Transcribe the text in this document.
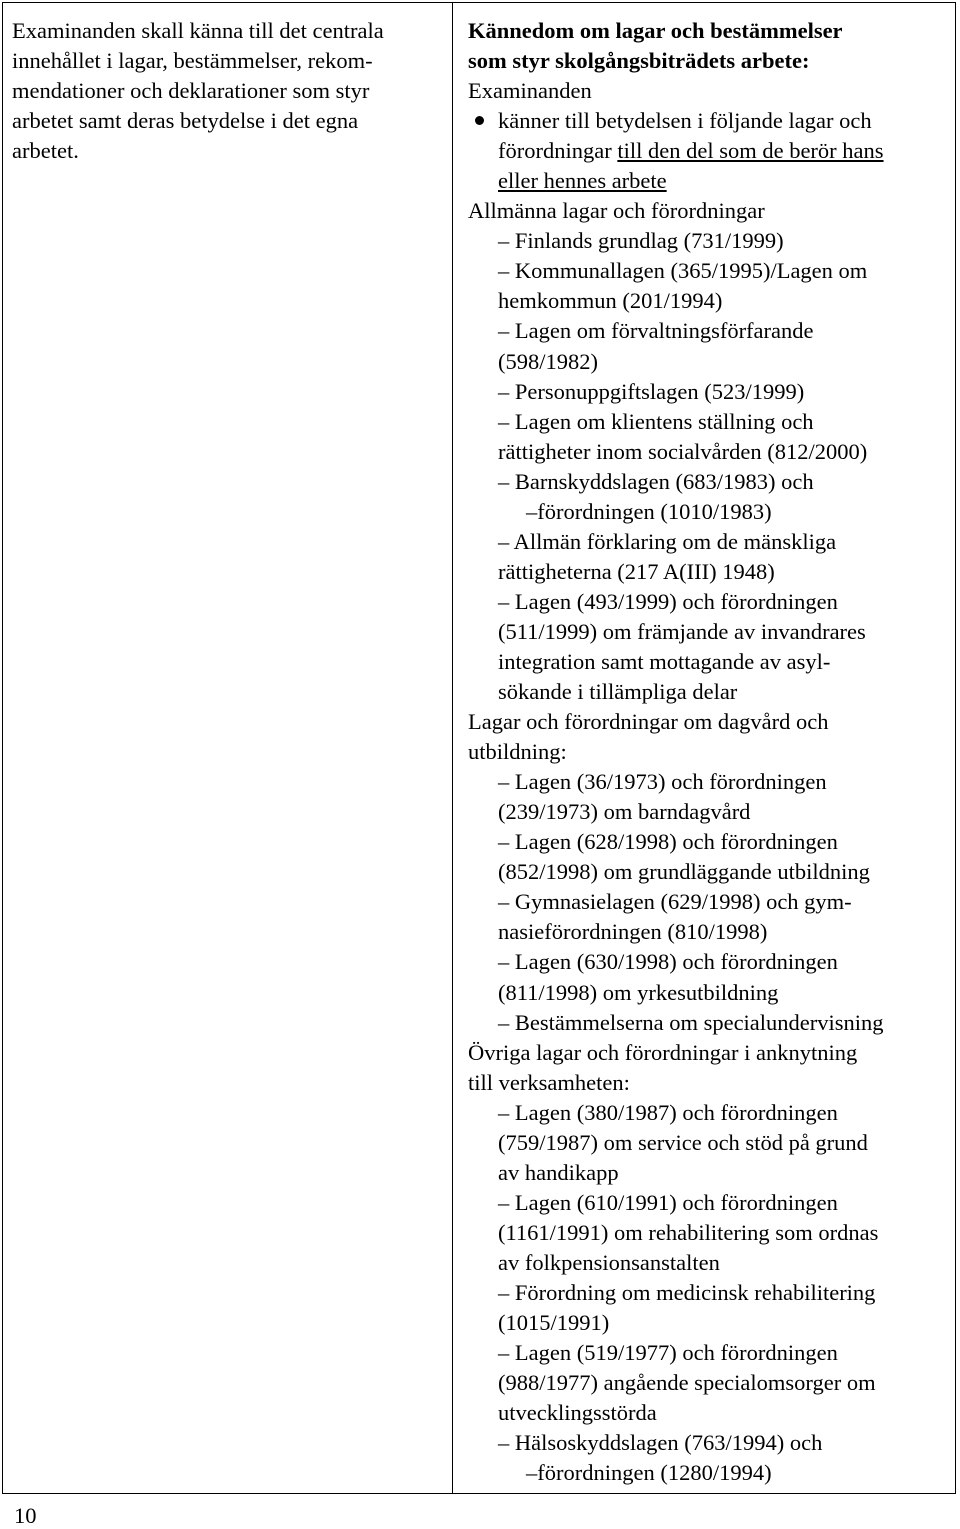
Examinanden skall känna till det centrala
innehållet i lagar, bestämmelser, rekom-
mendationer och deklarationer som styr
arbetet samt deras betydelse i det egna
arbetet.
Kännedom om lagar och bestämmelser
som styr skolgångsbiträdets arbete:
Examinanden
känner till betydelsen i följande lagar och
förordningar till den del som de berör hans
eller hennes arbete
Allmänna lagar och förordningar
– Finlands grundlag (731/1999)
– Kommunallagen (365/1995)/Lagen om
hemkommun (201/1994)
– Lagen om förvaltningsförfarande
(598/1982)
– Personuppgiftslagen (523/1999)
– Lagen om klientens ställning och
rättigheter inom socialvården (812/2000)
– Barnskyddslagen (683/1983) och
–förordningen (1010/1983)
– Allmän förklaring om de mänskliga
rättigheterna (217 A(III) 1948)
– Lagen (493/1999) och förordningen
(511/1999) om främjande av invandrares
integration samt mottagande av asyl-
sökande i tillämpliga delar
Lagar och förordningar om dagvård och
utbildning:
– Lagen (36/1973) och förordningen
(239/1973) om barndagvård
– Lagen (628/1998) och förordningen
(852/1998) om grundläggande utbildning
– Gymnasielagen (629/1998) och gym-
nasieförordningen (810/1998)
– Lagen (630/1998) och förordningen
(811/1998) om yrkesutbildning
– Bestämmelserna om specialundervisning
Övriga lagar och förordningar i anknytning
till verksamheten:
– Lagen (380/1987) och förordningen
(759/1987) om service och stöd på grund
av handikapp
– Lagen (610/1991) och förordningen
(1161/1991) om rehabilitering som ordnas
av folkpensionsanstalten
– Förordning om medicinsk rehabilitering
(1015/1991)
– Lagen (519/1977) och förordningen
(988/1977) angående specialomsorger om
utvecklingsstörda
– Hälsoskyddslagen (763/1994) och
–förordningen (1280/1994)
10
